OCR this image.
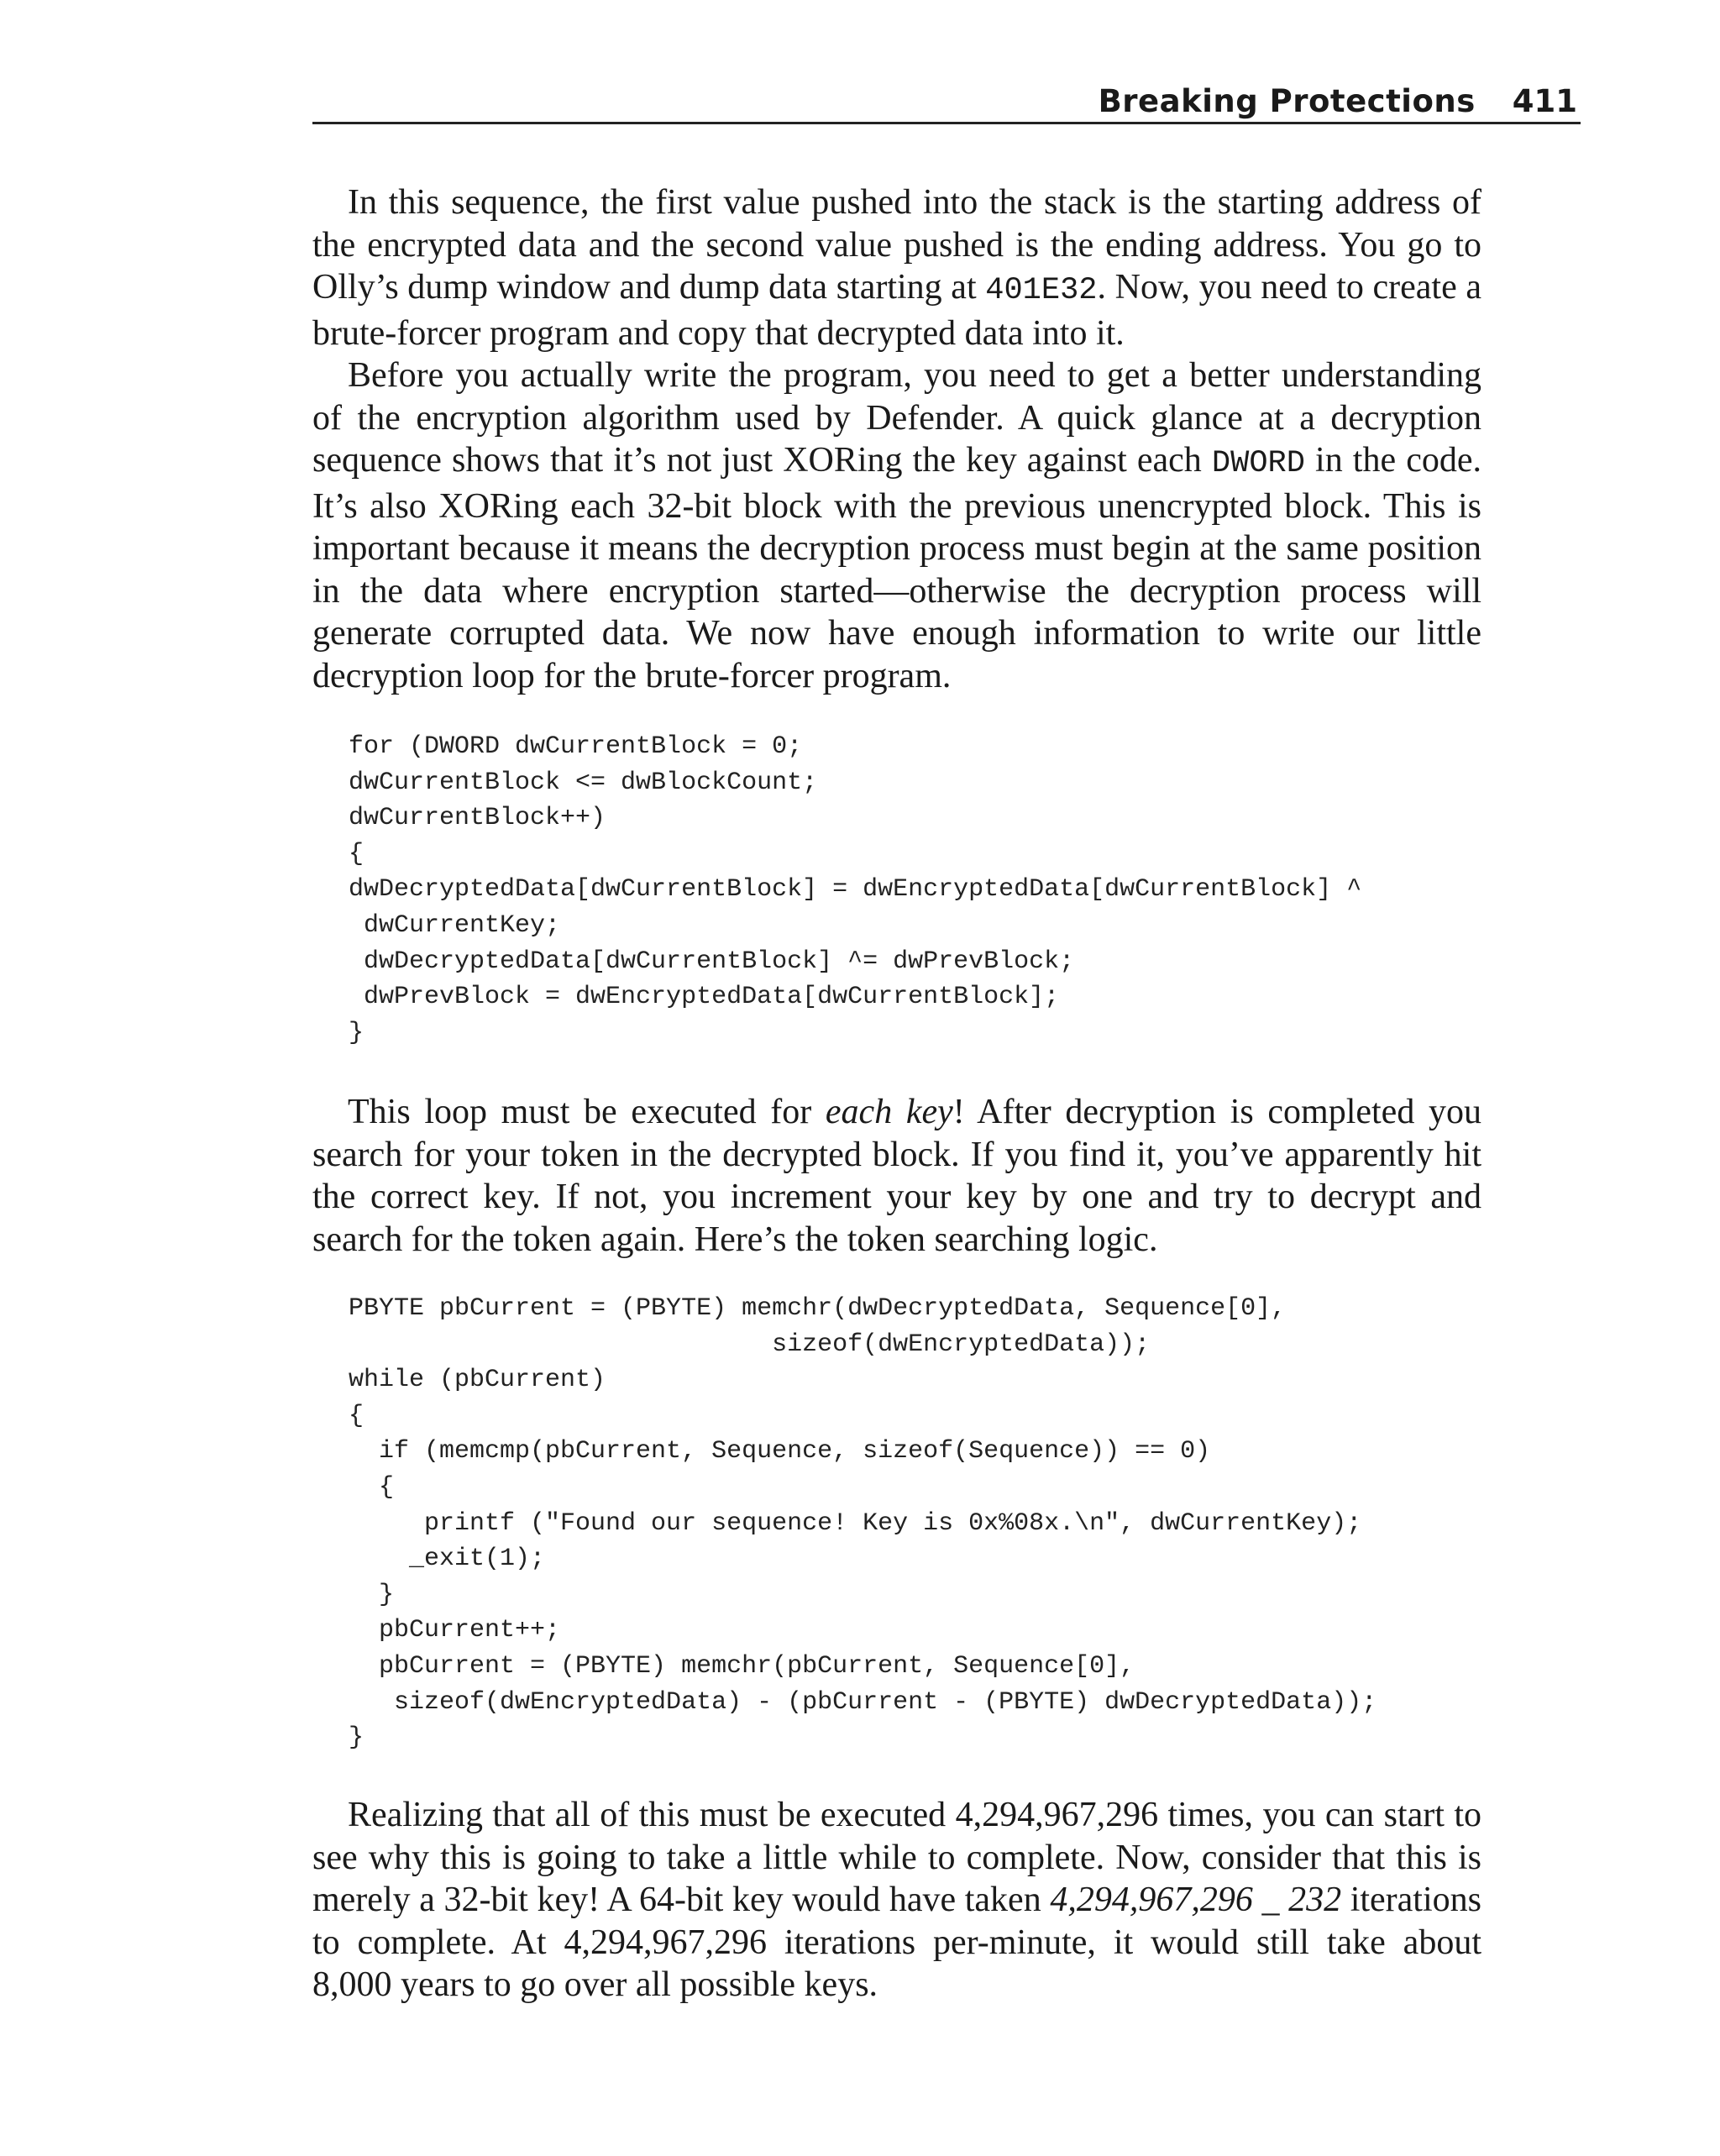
Breaking Protections 411

In this sequence, the first value pushed into the stack is the starting address of the encrypted data and the second value pushed is the ending address. You go to Olly’s dump window and dump data starting at 401E32. Now, you need to create a brute-forcer program and copy that decrypted data into it.

Before you actually write the program, you need to get a better understanding of the encryption algorithm used by Defender. A quick glance at a decryption sequence shows that it’s not just XORing the key against each DWORD in the code. It’s also XORing each 32-bit block with the previous unencrypted block. This is important because it means the decryption process must begin at the same position in the data where encryption started—otherwise the decryption process will generate corrupted data. We now have enough information to write our little decryption loop for the brute-forcer program.

for (DWORD dwCurrentBlock = 0;
dwCurrentBlock <= dwBlockCount;
dwCurrentBlock++)
{
dwDecryptedData[dwCurrentBlock] = dwEncryptedData[dwCurrentBlock] ^
dwCurrentKey;
dwDecryptedData[dwCurrentBlock] ^= dwPrevBlock;
dwPrevBlock = dwEncryptedData[dwCurrentBlock];
}

This loop must be executed for each key! After decryption is completed you search for your token in the decrypted block. If you find it, you’ve apparently hit the correct key. If not, you increment your key by one and try to decrypt and search for the token again. Here’s the token searching logic.

PBYTE pbCurrent = (PBYTE) memchr(dwDecryptedData, Sequence[0],
sizeof(dwEncryptedData));
while (pbCurrent)
{
if (memcmp(pbCurrent, Sequence, sizeof(Sequence)) == 0)
{
printf ("Found our sequence! Key is 0x%08x.\n", dwCurrentKey);
_exit(1);
}
pbCurrent++;
pbCurrent = (PBYTE) memchr(pbCurrent, Sequence[0],
sizeof(dwEncryptedData) - (pbCurrent - (PBYTE) dwDecryptedData));
}

Realizing that all of this must be executed 4,294,967,296 times, you can start to see why this is going to take a little while to complete. Now, consider that this is merely a 32-bit key! A 64-bit key would have taken 4,294,967,296 _ 232 iterations to complete. At 4,294,967,296 iterations per-minute, it would still take about 8,000 years to go over all possible keys.
